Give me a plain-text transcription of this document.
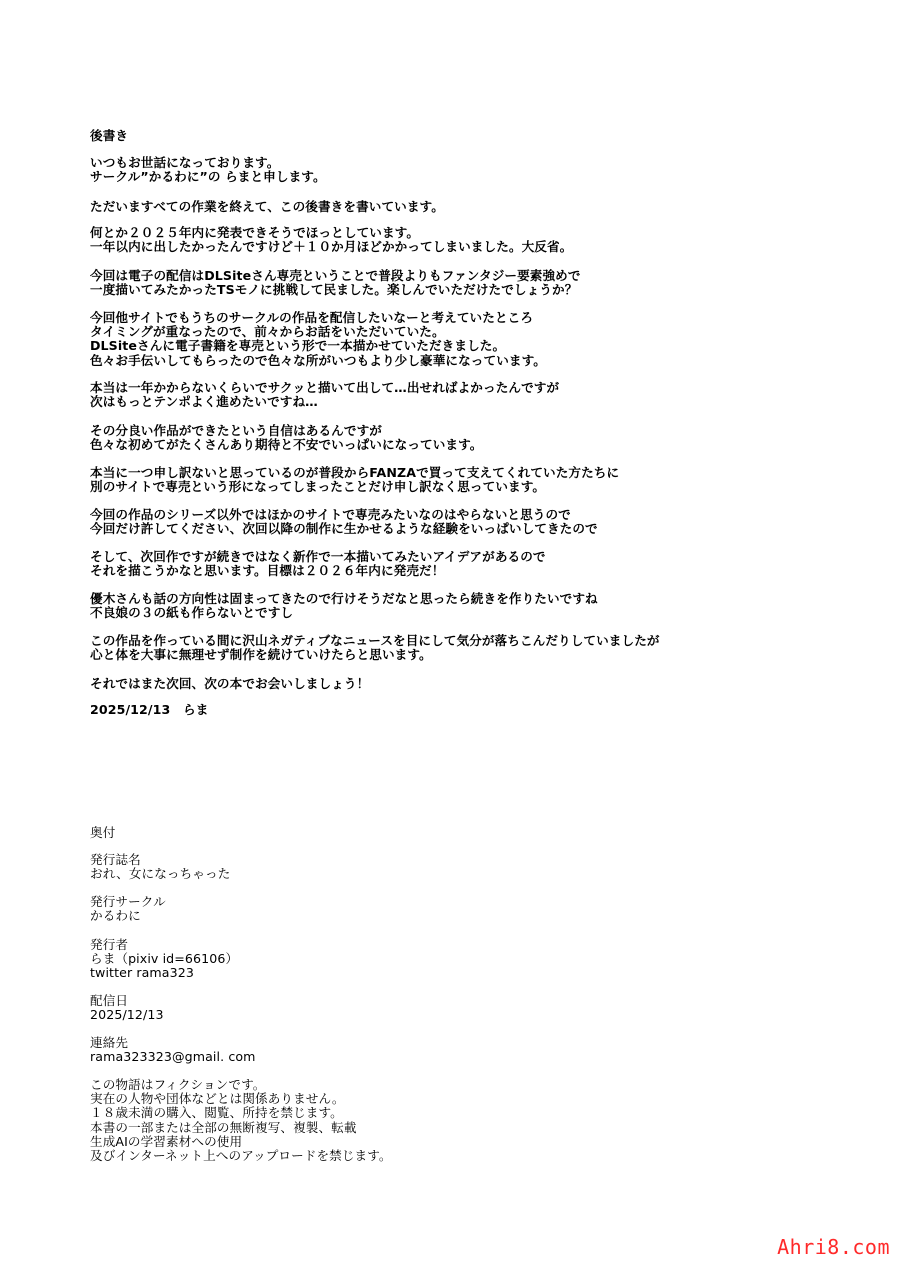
後書き
いつもお世話になっております。
サークル”かるわに”の らまと申します。
ただいますべての作業を終えて、この後書きを書いています。
何とか２０２５年内に発表できそうでほっとしています。
一年以内に出したかったんですけど＋１０か月ほどかかってしまいました。大反省。
今回は電子の配信はDLSiteさん専売ということで普段よりもファンタジー要素強めで
一度描いてみたかったTSモノに挑戦して民ました。楽しんでいただけたでしょうか？
今回他サイトでもうちのサークルの作品を配信したいなーと考えていたところ
タイミングが重なったので、前々からお話をいただいていた。
DLSiteさんに電子書籍を専売という形で一本描かせていただきました。
色々お手伝いしてもらったので色々な所がいつもより少し豪華になっています。
本当は一年かからないくらいでサクッと描いて出して…出せればよかったんですが
次はもっとテンポよく進めたいですね…
その分良い作品ができたという自信はあるんですが
色々な初めてがたくさんあり期待と不安でいっぱいになっています。
本当に一つ申し訳ないと思っているのが普段からFANZAで買って支えてくれていた方たちに
別のサイトで専売という形になってしまったことだけ申し訳なく思っています。
今回の作品のシリーズ以外ではほかのサイトで専売みたいなのはやらないと思うので
今回だけ許してください、次回以降の制作に生かせるような経験をいっぱいしてきたので
そして、次回作ですが続きではなく新作で一本描いてみたいアイデアがあるので
それを描こうかなと思います。目標は２０２６年内に発売だ！
優木さんも話の方向性は固まってきたので行けそうだなと思ったら続きを作りたいですね
不良娘の３の紙も作らないとですし
この作品を作っている間に沢山ネガティブなニュースを目にして気分が落ちこんだりしていましたが
心と体を大事に無理せず制作を続けていけたらと思います。
それではまた次回、次の本でお会いしましょう！
2025/12/13　らま
奥付
発行誌名
おれ、女になっちゃった
発行サークル
かるわに
発行者
らま（pixiv id=66106）
twitter rama323
配信日
2025/12/13
連絡先
rama323323@gmail. com
この物語はフィクションです。
実在の人物や団体などとは関係ありません。
１８歳未満の購入、閲覧、所持を禁じます。
本書の一部または全部の無断複写、複製、転載
生成AIの学習素材への使用
及びインターネット上へのアップロードを禁じます。
Ahri8.com
